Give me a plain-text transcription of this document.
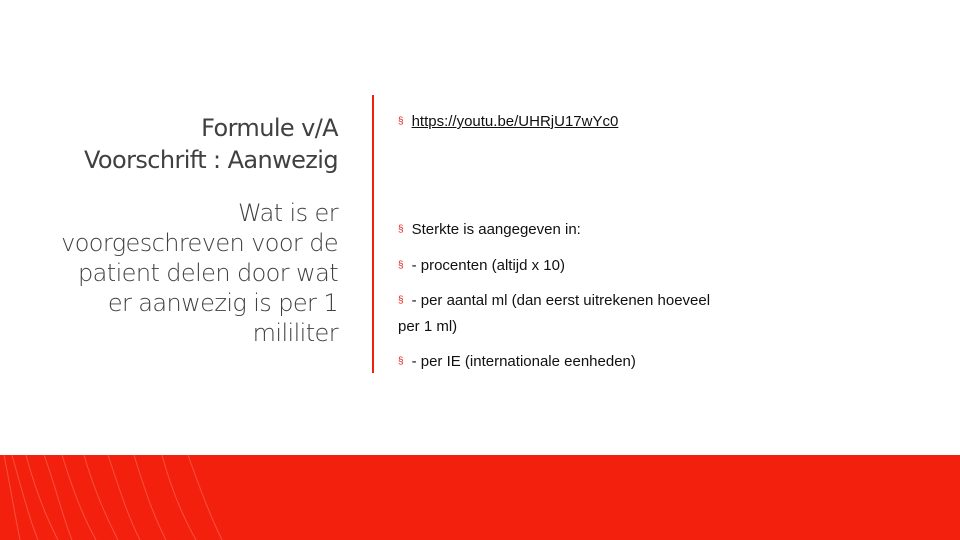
Formule v/A
Voorschrift : Aanwezig
Wat is er
voorgeschreven voor de
patient delen door wat
er aanwezig is per 1
mililiter
§ https://youtu.be/UHRjU17wYc0
§ Sterkte is aangegeven in:
§ - procenten (altijd x 10)
§ - per aantal ml (dan eerst uitrekenen hoeveel
per 1 ml)
§ - per IE (internationale eenheden)
